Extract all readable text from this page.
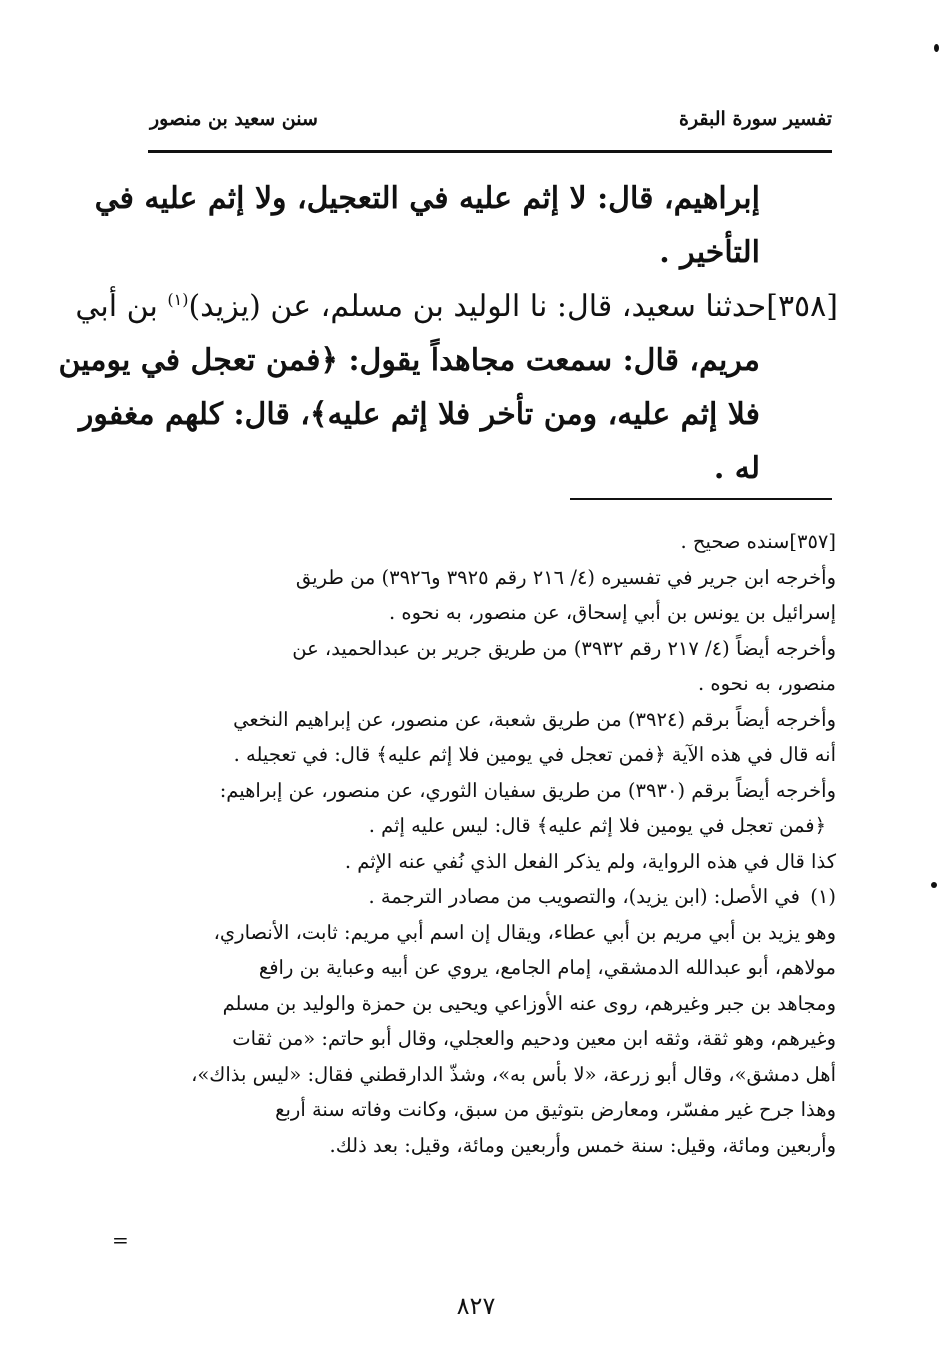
تفسير سورة البقرة
سنن سعيد بن منصور
إبراهيم، قال: لا إثم عليه في التعجيل، ولا إثم عليه في
التأخير .
[٣٥٨]حدثنا سعيد، قال: نا الوليد بن مسلم، عن (يزيد)$^{(١)}$ بن أبي
مريم، قال: سمعت مجاهداً يقول: ﴿فمن تعجل في يومين
فلا إثم عليه، ومن تأخر فلا إثم عليه﴾، قال: كلهم مغفور
له .
[٣٥٧]سنده صحيح .
وأخرجه ابن جرير في تفسيره (٤/ ٢١٦ رقم ٣٩٢٥ و٣٩٢٦) من طريق
إسرائيل بن يونس بن أبي إسحاق، عن منصور، به نحوه .
وأخرجه أيضاً (٤/ ٢١٧ رقم ٣٩٣٢) من طريق جرير بن عبدالحميد، عن
منصور، به نحوه .
وأخرجه أيضاً برقم (٣٩٢٤) من طريق شعبة، عن منصور، عن إبراهيم النخعي
أنه قال في هذه الآية ﴿فمن تعجل في يومين فلا إثم عليه﴾ قال: في تعجيله .
وأخرجه أيضاً برقم (٣٩٣٠) من طريق سفيان الثوري، عن منصور، عن إبراهيم:
﴿فمن تعجل في يومين فلا إثم عليه﴾ قال: ليس عليه إثم .
كذا قال في هذه الرواية، ولم يذكر الفعل الذي نُفي عنه الإثم .
(١)في الأصل: (ابن يزيد)، والتصويب من مصادر الترجمة .
وهو يزيد بن أبي مريم بن أبي عطاء، ويقال إن اسم أبي مريم: ثابت، الأنصاري،
مولاهم، أبو عبدالله الدمشقي، إمام الجامع، يروي عن أبيه وعباية بن رافع
ومجاهد بن جبر وغيرهم، روى عنه الأوزاعي ويحيى بن حمزة والوليد بن مسلم
وغيرهم، وهو ثقة، وثقه ابن معين ودحيم والعجلي، وقال أبو حاتم: «من ثقات
أهل دمشق»، وقال أبو زرعة، «لا بأس به»، وشذّ الدارقطني فقال: «ليس بذاك»،
وهذا جرح غير مفسّر، ومعارض بتوثيق من سبق، وكانت وفاته سنة أربع
وأربعين ومائة، وقيل: سنة خمس وأربعين ومائة، وقيل: بعد ذلك.
=
٨٢٧
